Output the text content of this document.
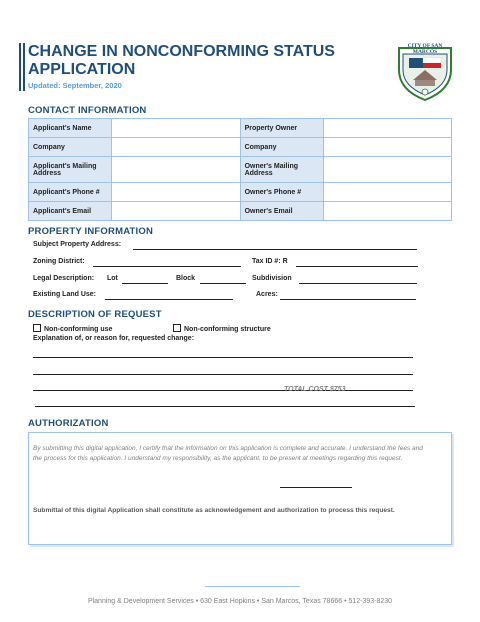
CHANGE IN NONCONFORMING STATUS APPLICATION
Updated: September, 2020
CITY OF SAN MARCOS
CONTACT INFORMATION
Applicant's Name		Property Owner	
Company		Company	
Applicant's Mailing Address		Owner's Mailing Address	
Applicant's Phone #		Owner's Phone #	
Applicant's Email		Owner's Email	
PROPERTY INFORMATION
Subject Property Address:
Zoning District:	Tax ID #: R
Legal Description: Lot	Block	Subdivision
Existing Land Use:	Acres:
DESCRIPTION OF REQUEST
Non-conforming use	Non-conforming structure
Explanation of, or reason for, requested change:
TOTAL COST $753
AUTHORIZATION
By submitting this digital application, I certify that the information on this application is complete and accurate. I understand the fees and the process for this application. I understand my responsibility, as the applicant, to be present at meetings regarding this request.
Submittal of this digital Application shall constitute as acknowledgement and authorization to process this request.
Planning & Development Services • 630 East Hopkins • San Marcos, Texas 78666 • 512-393-8230
